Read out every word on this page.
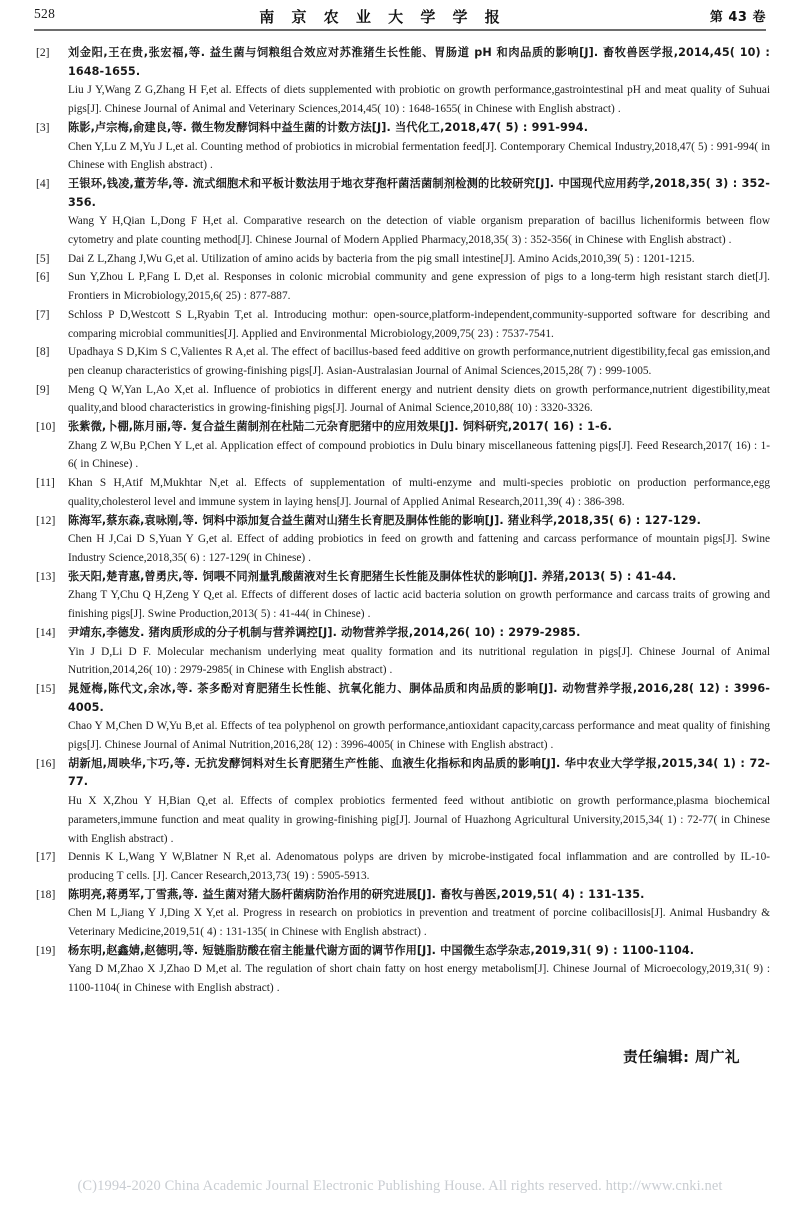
528	南 京 农 业 大 学 学 报	第 43 卷
[2]	刘金阳,王在贵,张宏福,等. 益生菌与饲粮组合效应对苏淮猪生长性能、胃肠道 pH 和肉品质的影响[J]. 畜牧兽医学报,2014,45( 10) : 1648-1655.
Liu J Y,Wang Z G,Zhang H F,et al. Effects of diets supplemented with probiotic on growth performance,gastrointestinal pH and meat quality of Suhuai pigs[J]. Chinese Journal of Animal and Veterinary Sciences,2014,45( 10) : 1648-1655( in Chinese with English abstract) .
[3]	陈影,卢宗梅,俞建良,等. 微生物发酵饲料中益生菌的计数方法[J]. 当代化工,2018,47( 5) : 991-994.
Chen Y,Lu Z M,Yu J L,et al. Counting method of probiotics in microbial fermentation feed[J]. Contemporary Chemical Industry,2018,47( 5) : 991-994( in Chinese with English abstract) .
[4]	王银环,钱凌,董芳华,等. 流式细胞术和平板计数法用于地衣芽孢杆菌活菌制剂检测的比较研究[J]. 中国现代应用药学,2018,35( 3) : 352-356.
Wang Y H,Qian L,Dong F H,et al. Comparative research on the detection of viable organism preparation of bacillus licheniformis between flow cytometry and plate counting method[J]. Chinese Journal of Modern Applied Pharmacy,2018,35( 3) : 352-356( in Chinese with English abstract) .
[5]	Dai Z L,Zhang J,Wu G,et al. Utilization of amino acids by bacteria from the pig small intestine[J]. Amino Acids,2010,39( 5) : 1201-1215.
[6]	Sun Y,Zhou L P,Fang L D,et al. Responses in colonic microbial community and gene expression of pigs to a long-term high resistant starch diet[J]. Frontiers in Microbiology,2015,6( 25) : 877-887.
[7]	Schloss P D,Westcott S L,Ryabin T,et al. Introducing mothur: open-source,platform-independent,community-supported software for describing and comparing microbial communities[J]. Applied and Environmental Microbiology,2009,75( 23) : 7537-7541.
[8]	Upadhaya S D,Kim S C,Valientes R A,et al. The effect of bacillus-based feed additive on growth performance,nutrient digestibility,fecal gas emission,and pen cleanup characteristics of growing-finishing pigs[J]. Asian-Australasian Journal of Animal Sciences,2015,28( 7) : 999-1005.
[9]	Meng Q W,Yan L,Ao X,et al. Influence of probiotics in different energy and nutrient density diets on growth performance,nutrient digestibility,meat quality,and blood characteristics in growing-finishing pigs[J]. Journal of Animal Science,2010,88( 10) : 3320-3326.
[10]	张紫微,卜棚,陈月丽,等. 复合益生菌制剂在杜陆二元杂育肥猪中的应用效果[J]. 饲料研究,2017( 16) : 1-6.
Zhang Z W,Bu P,Chen Y L,et al. Application effect of compound probiotics in Dulu binary miscellaneous fattening pigs[J]. Feed Research,2017( 16) : 1-6( in Chinese) .
[11]	Khan S H,Atif M,Mukhtar N,et al. Effects of supplementation of multi-enzyme and multi-species probiotic on production performance,egg quality,cholesterol level and immune system in laying hens[J]. Journal of Applied Animal Research,2011,39( 4) : 386-398.
[12]	陈海军,蔡东森,袁咏刚,等. 饲料中添加复合益生菌对山猪生长育肥及胴体性能的影响[J]. 猪业科学,2018,35( 6) : 127-129.
Chen H J,Cai D S,Yuan Y G,et al. Effect of adding probiotics in feed on growth and fattening and carcass performance of mountain pigs[J]. Swine Industry Science,2018,35( 6) : 127-129( in Chinese) .
[13]	张天阳,楚青惠,曾勇庆,等. 饲喂不同剂量乳酸菌液对生长育肥猪生长性能及胴体性状的影响[J]. 养猪,2013( 5) : 41-44.
Zhang T Y,Chu Q H,Zeng Y Q,et al. Effects of different doses of lactic acid bacteria solution on growth performance and carcass traits of growing and finishing pigs[J]. Swine Production,2013( 5) : 41-44( in Chinese) .
[14]	尹靖东,李德发. 猪肉质形成的分子机制与营养调控[J]. 动物营养学报,2014,26( 10) : 2979-2985.
Yin J D,Li D F. Molecular mechanism underlying meat quality formation and its nutritional regulation in pigs[J]. Chinese Journal of Animal Nutrition,2014,26( 10) : 2979-2985( in Chinese with English abstract) .
[15]	晁娅梅,陈代文,余冰,等. 茶多酚对育肥猪生长性能、抗氧化能力、胴体品质和肉品质的影响[J]. 动物营养学报,2016,28( 12) : 3996-4005.
Chao Y M,Chen D W,Yu B,et al. Effects of tea polyphenol on growth performance,antioxidant capacity,carcass performance and meat quality of finishing pigs[J]. Chinese Journal of Animal Nutrition,2016,28( 12) : 3996-4005( in Chinese with English abstract) .
[16]	胡新旭,周映华,卞巧,等. 无抗发酵饲料对生长育肥猪生产性能、血液生化指标和肉品质的影响[J]. 华中农业大学学报,2015,34( 1) : 72-77.
Hu X X,Zhou Y H,Bian Q,et al. Effects of complex probiotics fermented feed without antibiotic on growth performance,plasma biochemical parameters,immune function and meat quality in growing-finishing pig[J]. Journal of Huazhong Agricultural University,2015,34( 1) : 72-77( in Chinese with English abstract) .
[17]	Dennis K L,Wang Y W,Blatner N R,et al. Adenomatous polyps are driven by microbe-instigated focal inflammation and are controlled by IL-10-producing T cells. [J]. Cancer Research,2013,73( 19) : 5905-5913.
[18]	陈明亮,蒋勇军,丁雪燕,等. 益生菌对猪大肠杆菌病防治作用的研究进展[J]. 畜牧与兽医,2019,51( 4) : 131-135.
Chen M L,Jiang Y J,Ding X Y,et al. Progress in research on probiotics in prevention and treatment of porcine colibacillosis[J]. Animal Husbandry & Veterinary Medicine,2019,51( 4) : 131-135( in Chinese with English abstract) .
[19]	杨东明,赵鑫婧,赵德明,等. 短链脂肪酸在宿主能量代谢方面的调节作用[J]. 中国微生态学杂志,2019,31( 9) : 1100-1104.
Yang D M,Zhao X J,Zhao D M,et al. The regulation of short chain fatty on host energy metabolism[J]. Chinese Journal of Microecology,2019,31( 9) : 1100-1104( in Chinese with English abstract) .
责任编辑: 周广礼
(C)1994-2020 China Academic Journal Electronic Publishing House. All rights reserved. http://www.cnki.net
